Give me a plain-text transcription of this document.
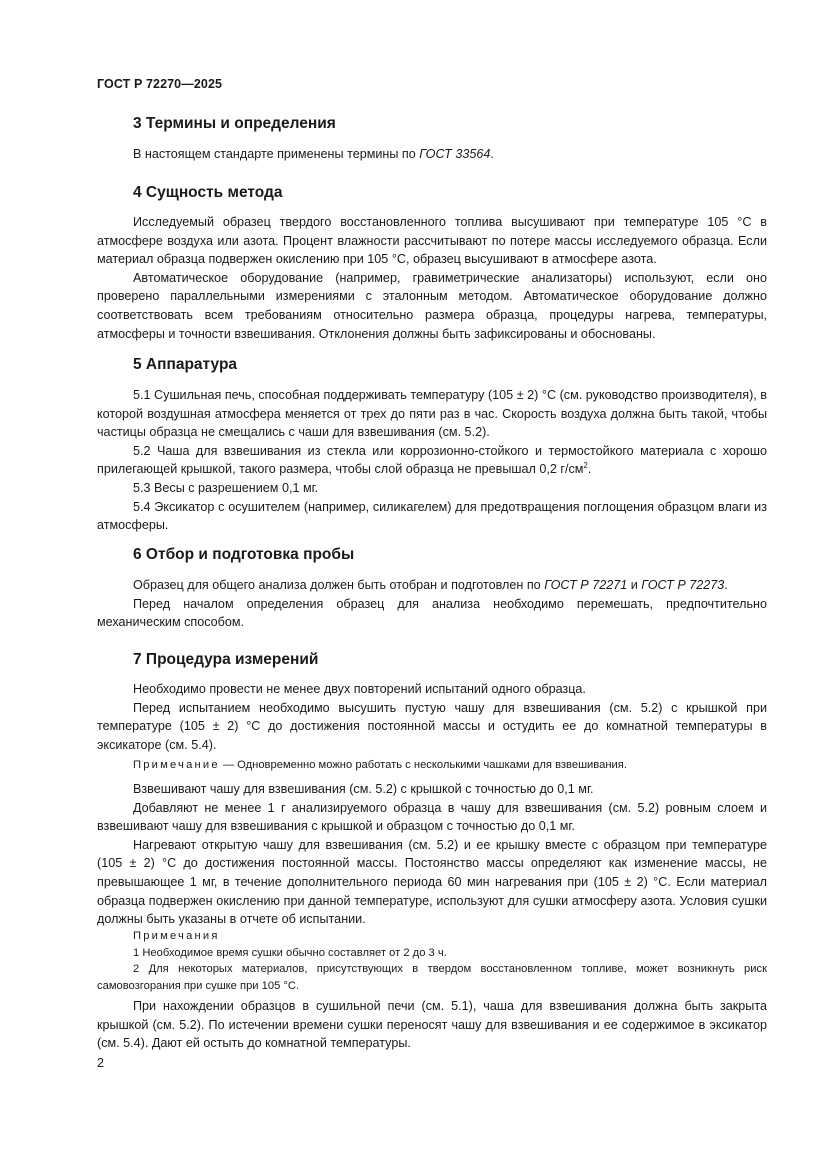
ГОСТ Р 72270—2025
3 Термины и определения

В настоящем стандарте применены термины по ГОСТ 33564.

4 Сущность метода

Исследуемый образец твердого восстановленного топлива высушивают при температуре 105 °С в атмосфере воздуха или азота. Процент влажности рассчитывают по потере массы исследуемого образца. Если материал образца подвержен окислению при 105 °С, образец высушивают в атмосфере азота.

Автоматическое оборудование (например, гравиметрические анализаторы) используют, если оно проверено параллельными измерениями с эталонным методом. Автоматическое оборудование должно соответствовать всем требованиям относительно размера образца, процедуры нагрева, температуры, атмосферы и точности взвешивания. Отклонения должны быть зафиксированы и обоснованы.

5 Аппаратура

5.1 Сушильная печь, способная поддерживать температуру (105 ± 2) °С (см. руководство производителя), в которой воздушная атмосфера меняется от трех до пяти раз в час. Скорость воздуха должна быть такой, чтобы частицы образца не смещались с чаши для взвешивания (см. 5.2).

5.2 Чаша для взвешивания из стекла или коррозионно-стойкого и термостойкого материала с хорошо прилегающей крышкой, такого размера, чтобы слой образца не превышал 0,2 $г/см^2$.

5.3 Весы с разрешением 0,1 мг.

5.4 Эксикатор с осушителем (например, силикагелем) для предотвращения поглощения образцом влаги из атмосферы.

6 Отбор и подготовка пробы

Образец для общего анализа должен быть отобран и подготовлен по ГОСТ Р 72271 и ГОСТ Р 72273.

Перед началом определения образец для анализа необходимо перемешать, предпочтительно механическим способом.

7 Процедура измерений

Необходимо провести не менее двух повторений испытаний одного образца.

Перед испытанием необходимо высушить пустую чашу для взвешивания (см. 5.2) с крышкой при температуре (105 ± 2) °С до достижения постоянной массы и остудить ее до комнатной температуры в эксикаторе (см. 5.4).

Примечание — Одновременно можно работать с несколькими чашками для взвешивания.

Взвешивают чашу для взвешивания (см. 5.2) с крышкой с точностью до 0,1 мг.

Добавляют не менее 1 г анализируемого образца в чашу для взвешивания (см. 5.2) ровным слоем и взвешивают чашу для взвешивания с крышкой и образцом с точностью до 0,1 мг.

Нагревают открытую чашу для взвешивания (см. 5.2) и ее крышку вместе с образцом при температуре (105 ± 2) °С до достижения постоянной массы. Постоянство массы определяют как изменение массы, не превышающее 1 мг, в течение дополнительного периода 60 мин нагревания при (105 ± 2) °С. Если материал образца подвержен окислению при данной температуре, используют для сушки атмосферу азота. Условия сушки должны быть указаны в отчете об испытании.

Примечания

1 Необходимое время сушки обычно составляет от 2 до 3 ч.

2 Для некоторых материалов, присутствующих в твердом восстановленном топливе, может возникнуть риск самовозгорания при сушке при 105 °С.

При нахождении образцов в сушильной печи (см. 5.1), чаша для взвешивания должна быть закрыта крышкой (см. 5.2). По истечении времени сушки переносят чашу для взвешивания и ее содержимое в эксикатор (см. 5.4). Дают ей остыть до комнатной температуры.

2
